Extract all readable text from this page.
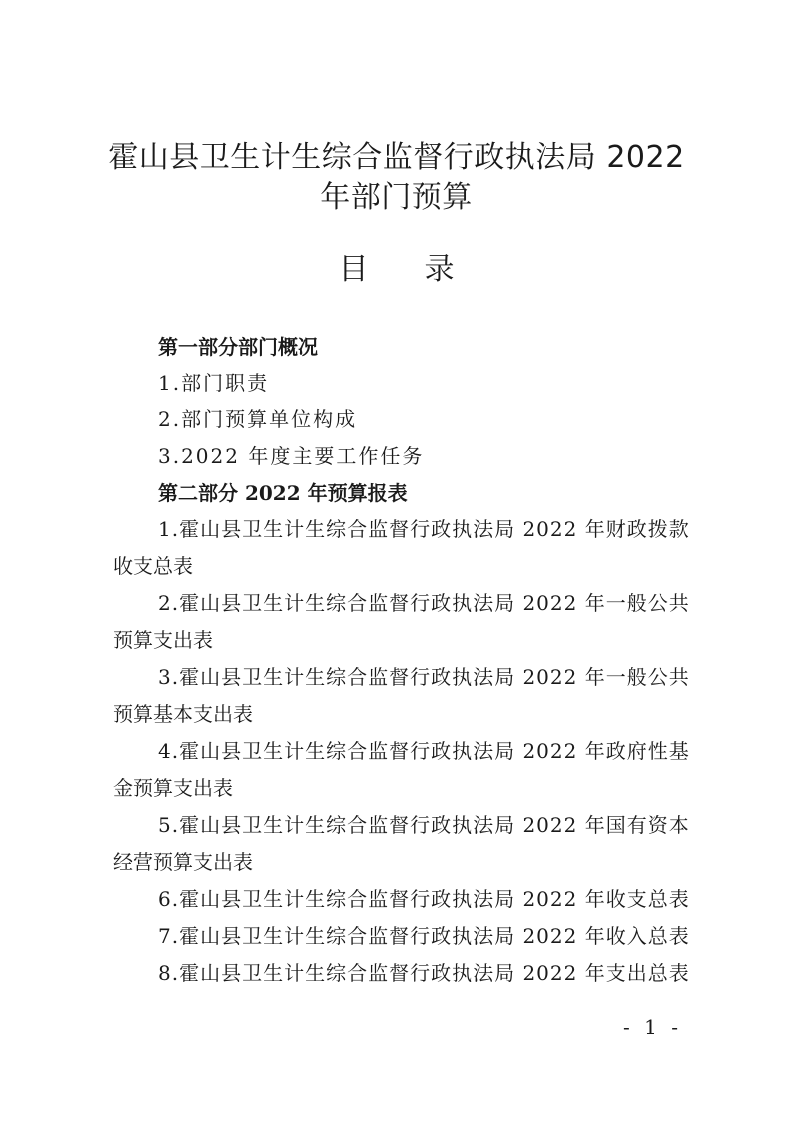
霍山县卫生计生综合监督行政执法局 2022
年部门预算
目录
第一部分部门概况
1.部门职责
2.部门预算单位构成
3.2022 年度主要工作任务
第二部分 2022 年预算报表
1.霍山县卫生计生综合监督行政执法局 2022 年财政拨款
收支总表
2.霍山县卫生计生综合监督行政执法局 2022 年一般公共
预算支出表
3.霍山县卫生计生综合监督行政执法局 2022 年一般公共
预算基本支出表
4.霍山县卫生计生综合监督行政执法局 2022 年政府性基
金预算支出表
5.霍山县卫生计生综合监督行政执法局 2022 年国有资本
经营预算支出表
6.霍山县卫生计生综合监督行政执法局 2022 年收支总表
7.霍山县卫生计生综合监督行政执法局 2022 年收入总表
8.霍山县卫生计生综合监督行政执法局 2022 年支出总表
- 1 -
